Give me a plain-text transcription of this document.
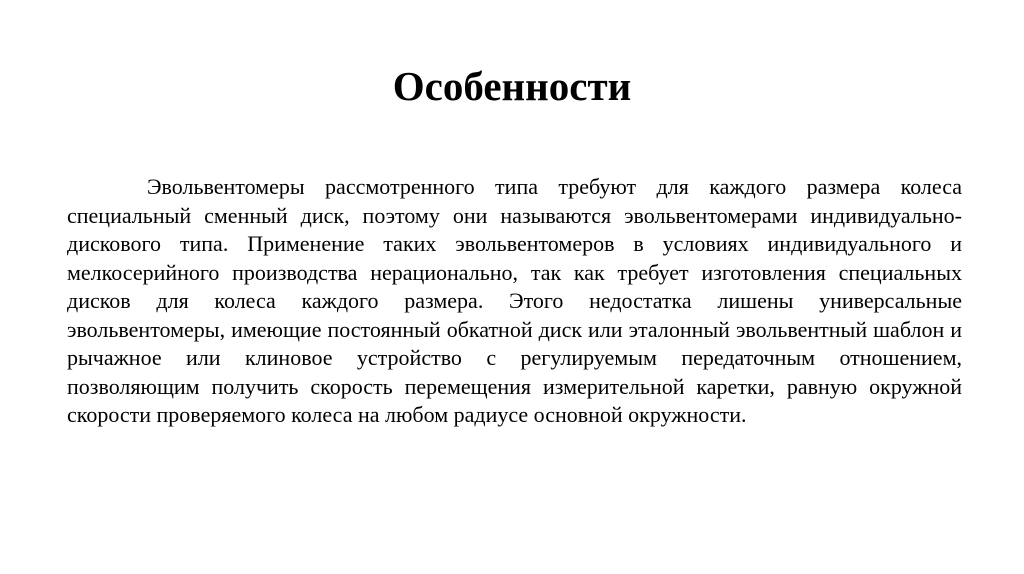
Особенности

Эвольвентомеры рассмотренного типа требуют для каждого размера колеса специальный сменный диск, поэтому они называются эвольвентомерами индивидуально-дискового типа. Применение таких эвольвентомеров в условиях индивидуального и мелкосерийного производства нерационально, так как требует изготовления специальных дисков для колеса каждого размера. Этого недостатка лишены универсальные эвольвентомеры, имеющие постоянный обкатной диск или эталонный эвольвентный шаблон и рычажное или клиновое устройство с регулируемым передаточным отношением, позволяющим получить скорость перемещения измерительной каретки, равную окружной скорости проверяемого колеса на любом радиусе основной окружности.
